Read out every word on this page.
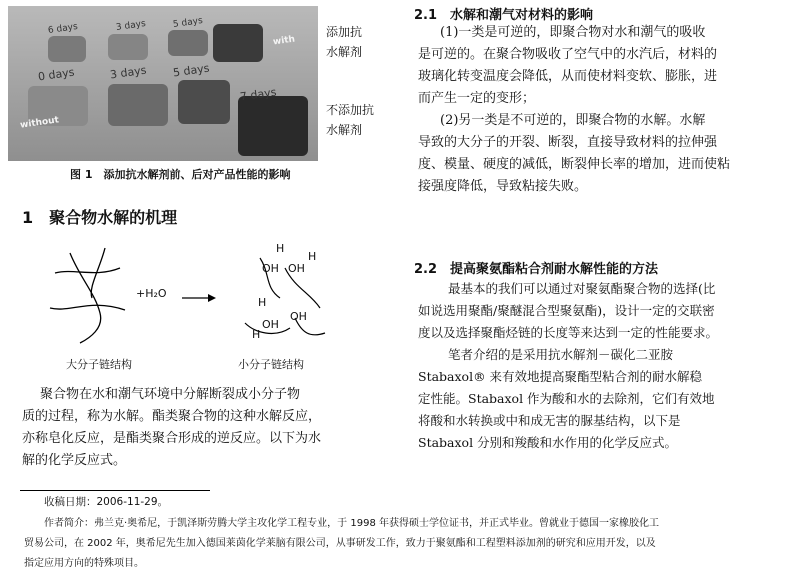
6 days	3 days	5 days
with
0 days	3 days 5 days
7 days
without
添加抗
水解剂
不添加抗
水解剂
图 1　添加抗水解剂前、后对产品性能的影响
1　聚合物水解的机理
+H₂O
H
OH OH
H
H
OH
OH
H
大分子链结构	小分子链结构
聚合物在水和潮气环境中分解断裂成小分子物
质的过程，称为水解。酯类聚合物的这种水解反应，
亦称皂化反应，是酯类聚合形成的逆反应。以下为水
解的化学反应式。
2.1　水解和潮气对材料的影响
(1)一类是可逆的，即聚合物对水和潮气的吸收
是可逆的。在聚合物吸收了空气中的水汽后，材料的
玻璃化转变温度会降低，从而使材料变软、膨胀，进
而产生一定的变形；
(2)另一类是不可逆的，即聚合物的水解。水解
导致的大分子的开裂、断裂，直接导致材料的拉伸强
度、模量、硬度的减低，断裂伸长率的增加，进而使粘
接强度降低，导致粘接失败。
2.2　提高聚氨酯粘合剂耐水解性能的方法
最基本的我们可以通过对聚氨酯聚合物的选择(比
如说选用聚酯/聚醚混合型聚氨酯)，设计一定的交联密
度以及选择聚酯烃链的长度等来达到一定的性能要求。
笔者介绍的是采用抗水解剂－碳化二亚胺
Stabaxol® 来有效地提高聚酯型粘合剂的耐水解稳
定性能。Stabaxol 作为酸和水的去除剂，它们有效地
将酸和水转换或中和成无害的脲基结构，以下是
Stabaxol 分别和羧酸和水作用的化学反应式。
收稿日期：2006-11-29。
作者简介：弗兰克·奥希尼，于凯泽斯劳腾大学主攻化学工程专业，于 1998 年获得硕士学位证书，并正式毕业。曾就业于德国一家橡胶化工
贸易公司，在 2002 年，奥希尼先生加入德国莱茵化学莱脑有限公司，从事研发工作，致力于聚氨酯和工程塑料添加剂的研究和应用开发，以及
指定应用方向的特殊项目。
